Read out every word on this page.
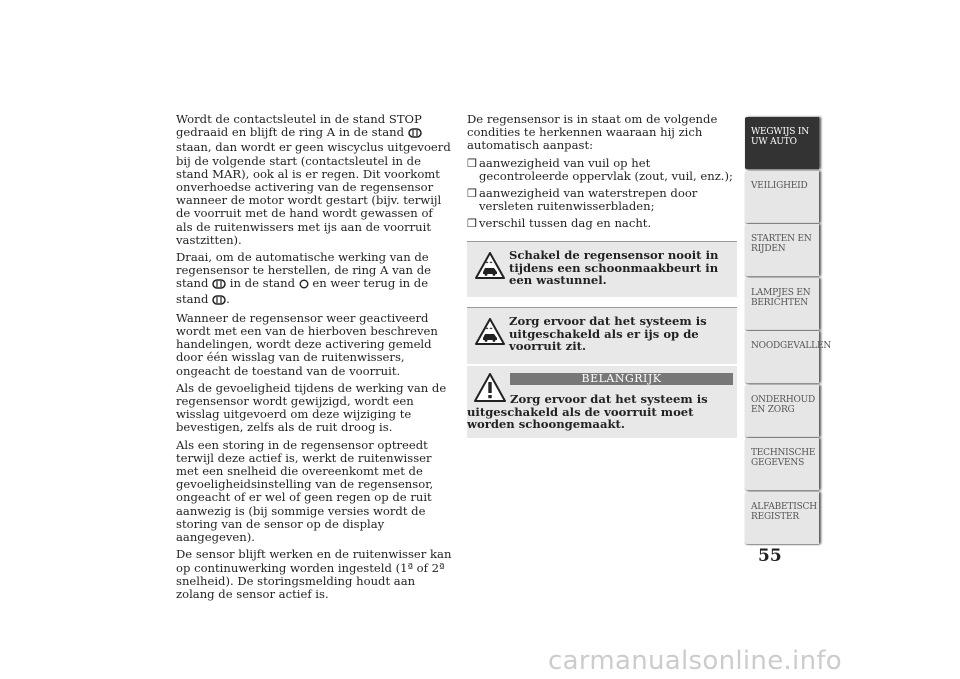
Wordt de contactsleutel in de stand STOP gedraaid en blijft de ring A in de stand  staan, dan wordt er geen wiscyclus uitgevoerd bij de volgende start (contactsleutel in de stand MAR), ook al is er regen. Dit voorkomt onverhoedse activering van de regensensor wanneer de motor wordt gestart (bijv. terwijl de voorruit met de hand wordt gewassen of als de ruitenwissers met ijs aan de voorruit vastzitten).

Draai, om de automatische werking van de regensensor te herstellen, de ring A van de stand in de stand en weer terug in de stand .

Wanneer de regensensor weer geactiveerd wordt met een van de hierboven beschreven handelingen, wordt deze activering gemeld door één wisslag van de ruitenwissers, ongeacht de toestand van de voorruit.

Als de gevoeligheid tijdens de werking van de regensensor wordt gewijzigd, wordt een wisslag uitgevoerd om deze wijziging te bevestigen, zelfs als de ruit droog is.

Als een storing in de regensensor optreedt terwijl deze actief is, werkt de ruitenwisser met een snelheid die overeenkomt met de gevoeligheidsinstelling van de regensensor, ongeacht of er wel of geen regen op de ruit aanwezig is (bij sommige versies wordt de storing van de sensor op de display aangegeven).

De sensor blijft werken en de ruitenwisser kan op continuwerking worden ingesteld (1ª of 2ª snelheid). De storingsmelding houdt aan zolang de sensor actief is.

De regensensor is in staat om de volgende condities te herkennen waaraan hij zich automatisch aanpast:

❒ aanwezigheid van vuil op het gecontroleerde oppervlak (zout, vuil, enz.);
❒ aanwezigheid van waterstrepen door versleten ruitenwisserbladen;
❒ verschil tussen dag en nacht.
Schakel de regensensor nooit in tijdens een schoonmaakbeurt in een wastunnel.
Zorg ervoor dat het systeem is uitgeschakeld als er ijs op de voorruit zit.
BELANGRIJK
Zorg ervoor dat het systeem is
uitgeschakeld als de voorruit moet worden schoongemaakt.
WEGWIJS IN UW AUTO
VEILIGHEID
STARTEN EN RIJDEN
LAMPJES EN BERICHTEN
NOODGEVALLEN
ONDERHOUD EN ZORG
TECHNISCHE GEGEVENS
ALFABETISCH REGISTER
55
carmanualsonline.info
